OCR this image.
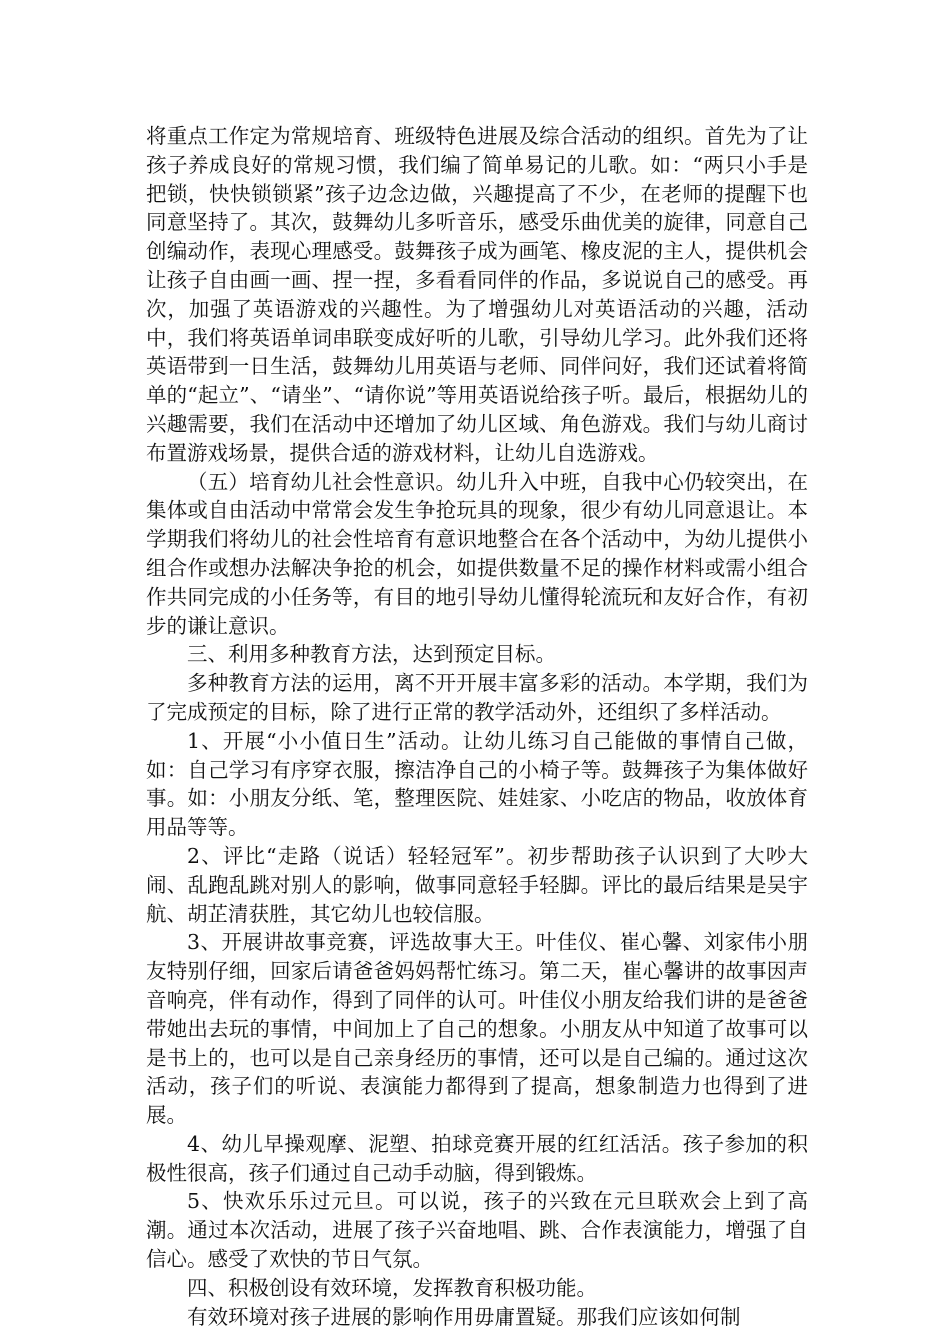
将重点工作定为常规培育、班级特色进展及综合活动的组织。首先为了让孩子养成良好的常规习惯，我们编了简单易记的儿歌。如：“两只小手是把锁，快快锁锁紧”孩子边念边做，兴趣提高了不少，在老师的提醒下也同意坚持了。其次，鼓舞幼儿多听音乐，感受乐曲优美的旋律，同意自己创编动作，表现心理感受。鼓舞孩子成为画笔、橡皮泥的主人，提供机会让孩子自由画一画、捏一捏，多看看同伴的作品，多说说自己的感受。再次，加强了英语游戏的兴趣性。为了增强幼儿对英语活动的兴趣，活动中，我们将英语单词串联变成好听的儿歌，引导幼儿学习。此外我们还将英语带到一日生活，鼓舞幼儿用英语与老师、同伴问好，我们还试着将简单的“起立”、“请坐”、“请你说”等用英语说给孩子听。最后，根据幼儿的兴趣需要，我们在活动中还增加了幼儿区域、角色游戏。我们与幼儿商讨布置游戏场景，提供合适的游戏材料，让幼儿自选游戏。

（五）培育幼儿社会性意识。幼儿升入中班，自我中心仍较突出，在集体或自由活动中常常会发生争抢玩具的现象，很少有幼儿同意退让。本学期我们将幼儿的社会性培育有意识地整合在各个活动中，为幼儿提供小组合作或想办法解决争抢的机会，如提供数量不足的操作材料或需小组合作共同完成的小任务等，有目的地引导幼儿懂得轮流玩和友好合作，有初步的谦让意识。

三、利用多种教育方法，达到预定目标。

多种教育方法的运用，离不开开展丰富多彩的活动。本学期，我们为了完成预定的目标，除了进行正常的教学活动外，还组织了多样活动。

1、开展“小小值日生”活动。让幼儿练习自己能做的事情自己做，如：自己学习有序穿衣服，擦洁净自己的小椅子等。鼓舞孩子为集体做好事。如：小朋友分纸、笔，整理医院、娃娃家、小吃店的物品，收放体育用品等等。

2、评比“走路（说话）轻轻冠军”。初步帮助孩子认识到了大吵大闹、乱跑乱跳对别人的影响，做事同意轻手轻脚。评比的最后结果是吴宇航、胡芷清获胜，其它幼儿也较信服。

3、开展讲故事竞赛，评选故事大王。叶佳仪、崔心馨、刘家伟小朋友特别仔细，回家后请爸爸妈妈帮忙练习。第二天，崔心馨讲的故事因声音响亮，伴有动作，得到了同伴的认可。叶佳仪小朋友给我们讲的是爸爸带她出去玩的事情，中间加上了自己的想象。小朋友从中知道了故事可以是书上的，也可以是自己亲身经历的事情，还可以是自己编的。通过这次活动，孩子们的听说、表演能力都得到了提高，想象制造力也得到了进展。

4、幼儿早操观摩、泥塑、拍球竞赛开展的红红活活。孩子参加的积极性很高，孩子们通过自己动手动脑，得到锻炼。

5、快欢乐乐过元旦。可以说，孩子的兴致在元旦联欢会上到了高潮。通过本次活动，进展了孩子兴奋地唱、跳、合作表演能力，增强了自信心。感受了欢快的节日气氛。

四、积极创设有效环境，发挥教育积极功能。

有效环境对孩子进展的影响作用毋庸置疑。那我们应该如何制
